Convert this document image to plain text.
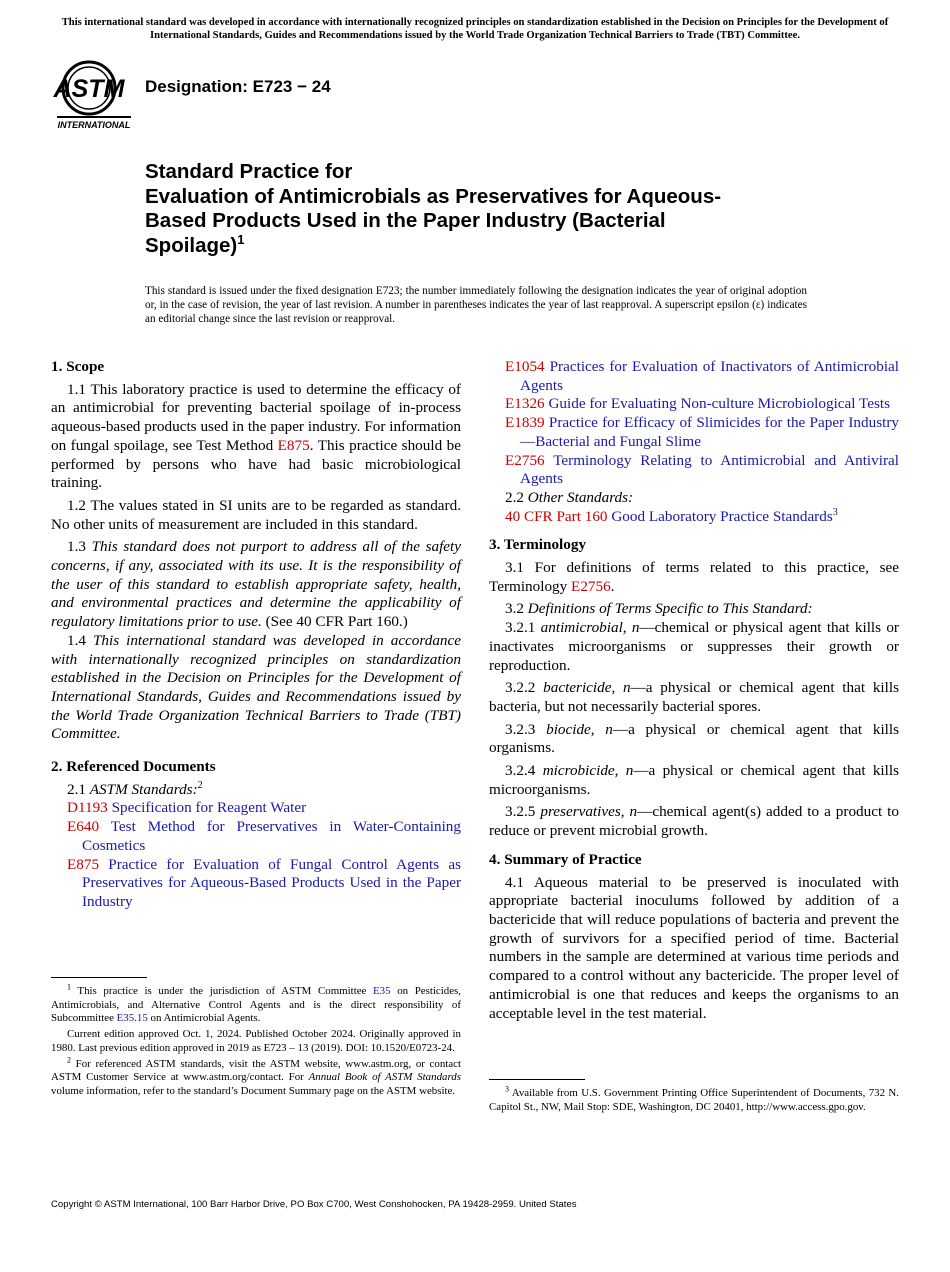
This international standard was developed in accordance with internationally recognized principles on standardization established in the Decision on Principles for the Development of International Standards, Guides and Recommendations issued by the World Trade Organization Technical Barriers to Trade (TBT) Committee.
ASTM
INTERNATIONAL
Designation: E723 − 24
Standard Practice for
Evaluation of Antimicrobials as Preservatives for Aqueous-
Based Products Used in the Paper Industry (Bacterial
Spoilage)$^1$
This standard is issued under the fixed designation E723; the number immediately following the designation indicates the year of original adoption or, in the case of revision, the year of last revision. A number in parentheses indicates the year of last reapproval. A superscript epsilon (ε) indicates an editorial change since the last revision or reapproval.
1. Scope

1.1 This laboratory practice is used to determine the efficacy of an antimicrobial for preventing bacterial spoilage of in-process aqueous-based products used in the paper industry. For information on fungal spoilage, see Test Method E875. This practice should be performed by persons who have had basic microbiological training.

1.2 The values stated in SI units are to be regarded as standard. No other units of measurement are included in this standard.

1.3 This standard does not purport to address all of the safety concerns, if any, associated with its use. It is the responsibility of the user of this standard to establish appropriate safety, health, and environmental practices and determine the applicability of regulatory limitations prior to use. (See 40 CFR Part 160.)

1.4 This international standard was developed in accordance with internationally recognized principles on standardization established in the Decision on Principles for the Development of International Standards, Guides and Recommendations issued by the World Trade Organization Technical Barriers to Trade (TBT) Committee.

2. Referenced Documents

2.1 ASTM Standards:$^2$

D1193 Specification for Reagent Water

E640 Test Method for Preservatives in Water-Containing Cosmetics

E875 Practice for Evaluation of Fungal Control Agents as Preservatives for Aqueous-Based Products Used in the Paper Industry

$^1$ This practice is under the jurisdiction of ASTM Committee E35 on Pesticides, Antimicrobials, and Alternative Control Agents and is the direct responsibility of Subcommittee E35.15 on Antimicrobial Agents.

Current edition approved Oct. 1, 2024. Published October 2024. Originally approved in 1980. Last previous edition approved in 2019 as E723 – 13 (2019). DOI: 10.1520/E0723-24.

$^2$ For referenced ASTM standards, visit the ASTM website, www.astm.org, or contact ASTM Customer Service at www.astm.org/contact. For Annual Book of ASTM Standards volume information, refer to the standard’s Document Summary page on the ASTM website.

E1054 Practices for Evaluation of Inactivators of Antimicrobial Agents

E1326 Guide for Evaluating Non-culture Microbiological Tests

E1839 Practice for Efficacy of Slimicides for the Paper Industry—Bacterial and Fungal Slime

E2756 Terminology Relating to Antimicrobial and Antiviral Agents

2.2 Other Standards:

40 CFR Part 160 Good Laboratory Practice Standards$^3$

3. Terminology

3.1 For definitions of terms related to this practice, see Terminology E2756.

3.2 Definitions of Terms Specific to This Standard:

3.2.1 antimicrobial, n—chemical or physical agent that kills or inactivates microorganisms or suppresses their growth or reproduction.

3.2.2 bactericide, n—a physical or chemical agent that kills bacteria, but not necessarily bacterial spores.

3.2.3 biocide, n—a physical or chemical agent that kills organisms.

3.2.4 microbicide, n—a physical or chemical agent that kills microorganisms.

3.2.5 preservatives, n—chemical agent(s) added to a product to reduce or prevent microbial growth.

4. Summary of Practice

4.1 Aqueous material to be preserved is inoculated with appropriate bacterial inoculums followed by addition of a bactericide that will reduce populations of bacteria and prevent the growth of survivors for a specified period of time. Bacterial numbers in the sample are determined at various time periods and compared to a control without any bactericide. The proper level of antimicrobial is one that reduces and keeps the organisms to an acceptable level in the test material.

$^3$ Available from U.S. Government Printing Office Superintendent of Documents, 732 N. Capitol St., NW, Mail Stop: SDE, Washington, DC 20401, http://www.access.gpo.gov.

Copyright © ASTM International, 100 Barr Harbor Drive, PO Box C700, West Conshohocken, PA 19428-2959. United States
